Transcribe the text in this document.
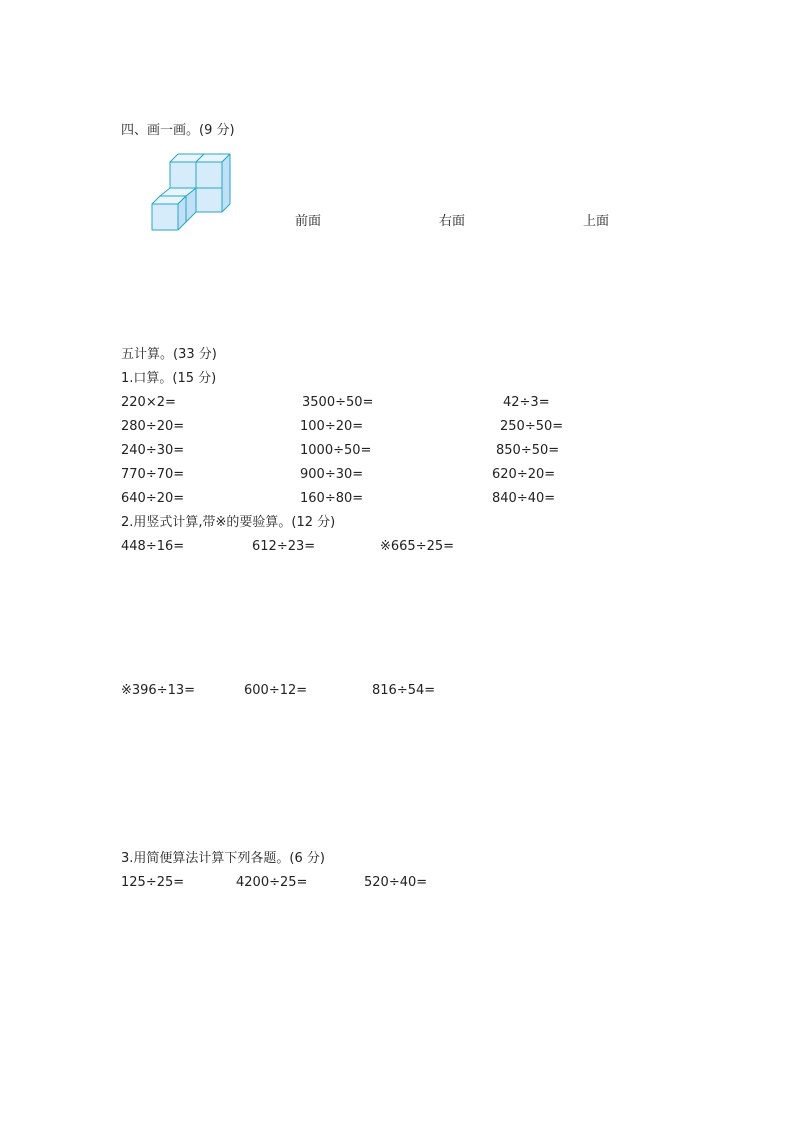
四、画一画。(9 分)
前面	右面	上面
五计算。(33 分)
1.口算。(15 分)
220×2=	3500÷50=	42÷3=
280÷20=	100÷20=	250÷50=
240÷30=	1000÷50=	850÷50=
770÷70=	900÷30=	620÷20=
640÷20=	160÷80=	840÷40=
2.用竖式计算,带※的要验算。(12 分)
448÷16=	612÷23=	※665÷25=
※396÷13=	600÷12=	816÷54=
3.用简便算法计算下列各题。(6 分)
125÷25=	4200÷25=	520÷40=
